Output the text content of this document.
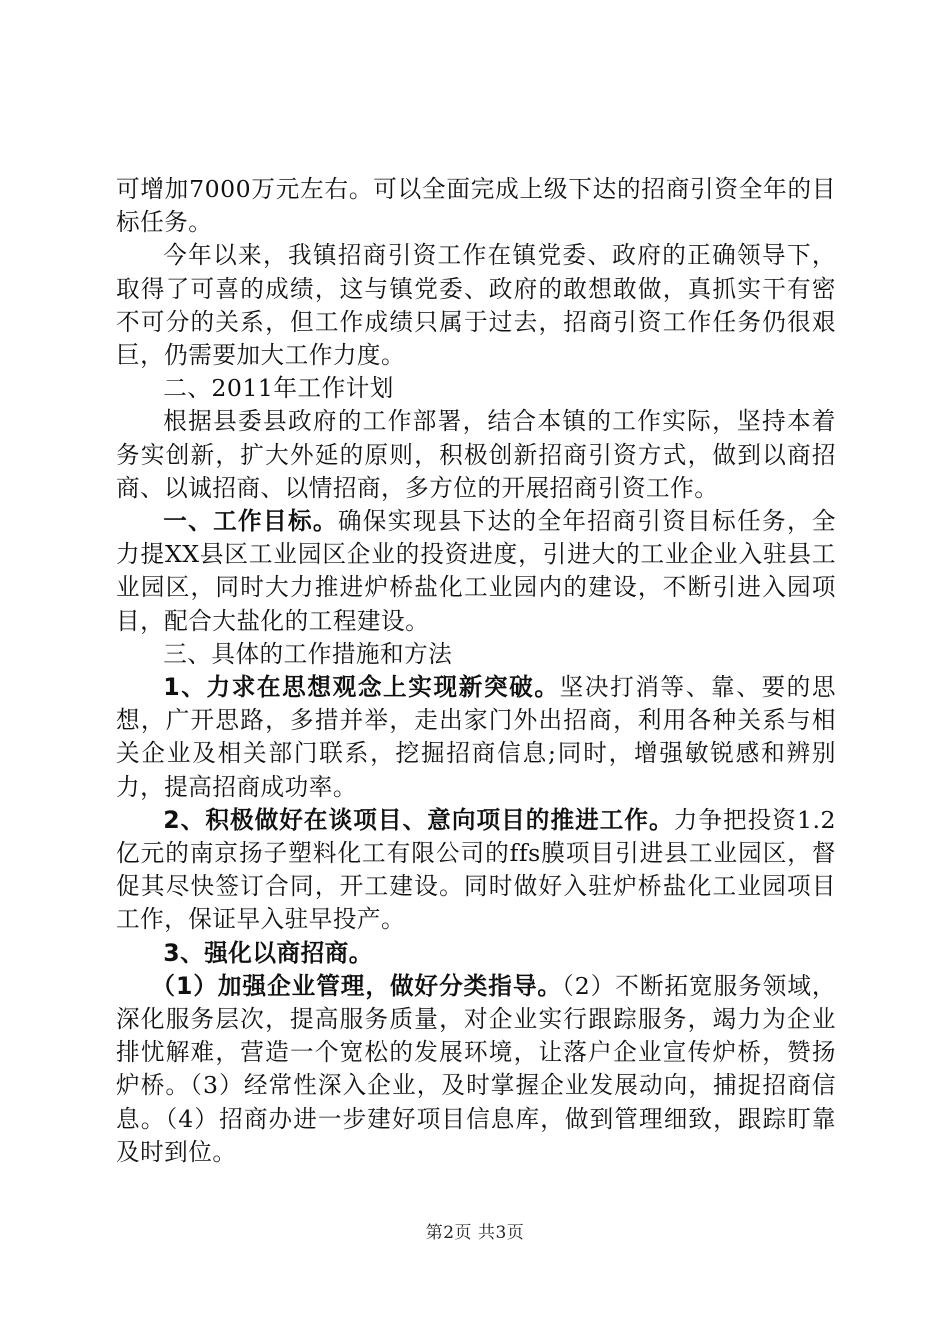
可增加7000万元左右。可以全面完成上级下达的招商引资全年的目标任务。

今年以来，我镇招商引资工作在镇党委、政府的正确领导下，取得了可喜的成绩，这与镇党委、政府的敢想敢做，真抓实干有密不可分的关系，但工作成绩只属于过去，招商引资工作任务仍很艰巨，仍需要加大工作力度。

二、2011年工作计划

根据县委县政府的工作部署，结合本镇的工作实际，坚持本着务实创新，扩大外延的原则，积极创新招商引资方式，做到以商招商、以诚招商、以情招商，多方位的开展招商引资工作。

一、工作目标。确保实现县下达的全年招商引资目标任务，全力提XX县区工业园区企业的投资进度，引进大的工业企业入驻县工业园区，同时大力推进炉桥盐化工业园内的建设，不断引进入园项目，配合大盐化的工程建设。

三、具体的工作措施和方法

1、力求在思想观念上实现新突破。坚决打消等、靠、要的思想，广开思路，多措并举，走出家门外出招商，利用各种关系与相关企业及相关部门联系，挖掘招商信息;同时，增强敏锐感和辨别力，提高招商成功率。

2、积极做好在谈项目、意向项目的推进工作。力争把投资1.2亿元的南京扬子塑料化工有限公司的ffs膜项目引进县工业园区，督促其尽快签订合同，开工建设。同时做好入驻炉桥盐化工业园项目工作，保证早入驻早投产。

3、强化以商招商。

（1）加强企业管理，做好分类指导。（2）不断拓宽服务领域，深化服务层次，提高服务质量，对企业实行跟踪服务，竭力为企业排忧解难，营造一个宽松的发展环境，让落户企业宣传炉桥，赞扬炉桥。（3）经常性深入企业，及时掌握企业发展动向，捕捉招商信息。（4）招商办进一步建好项目信息库，做到管理细致，跟踪盯靠及时到位。

第2页 共3页
